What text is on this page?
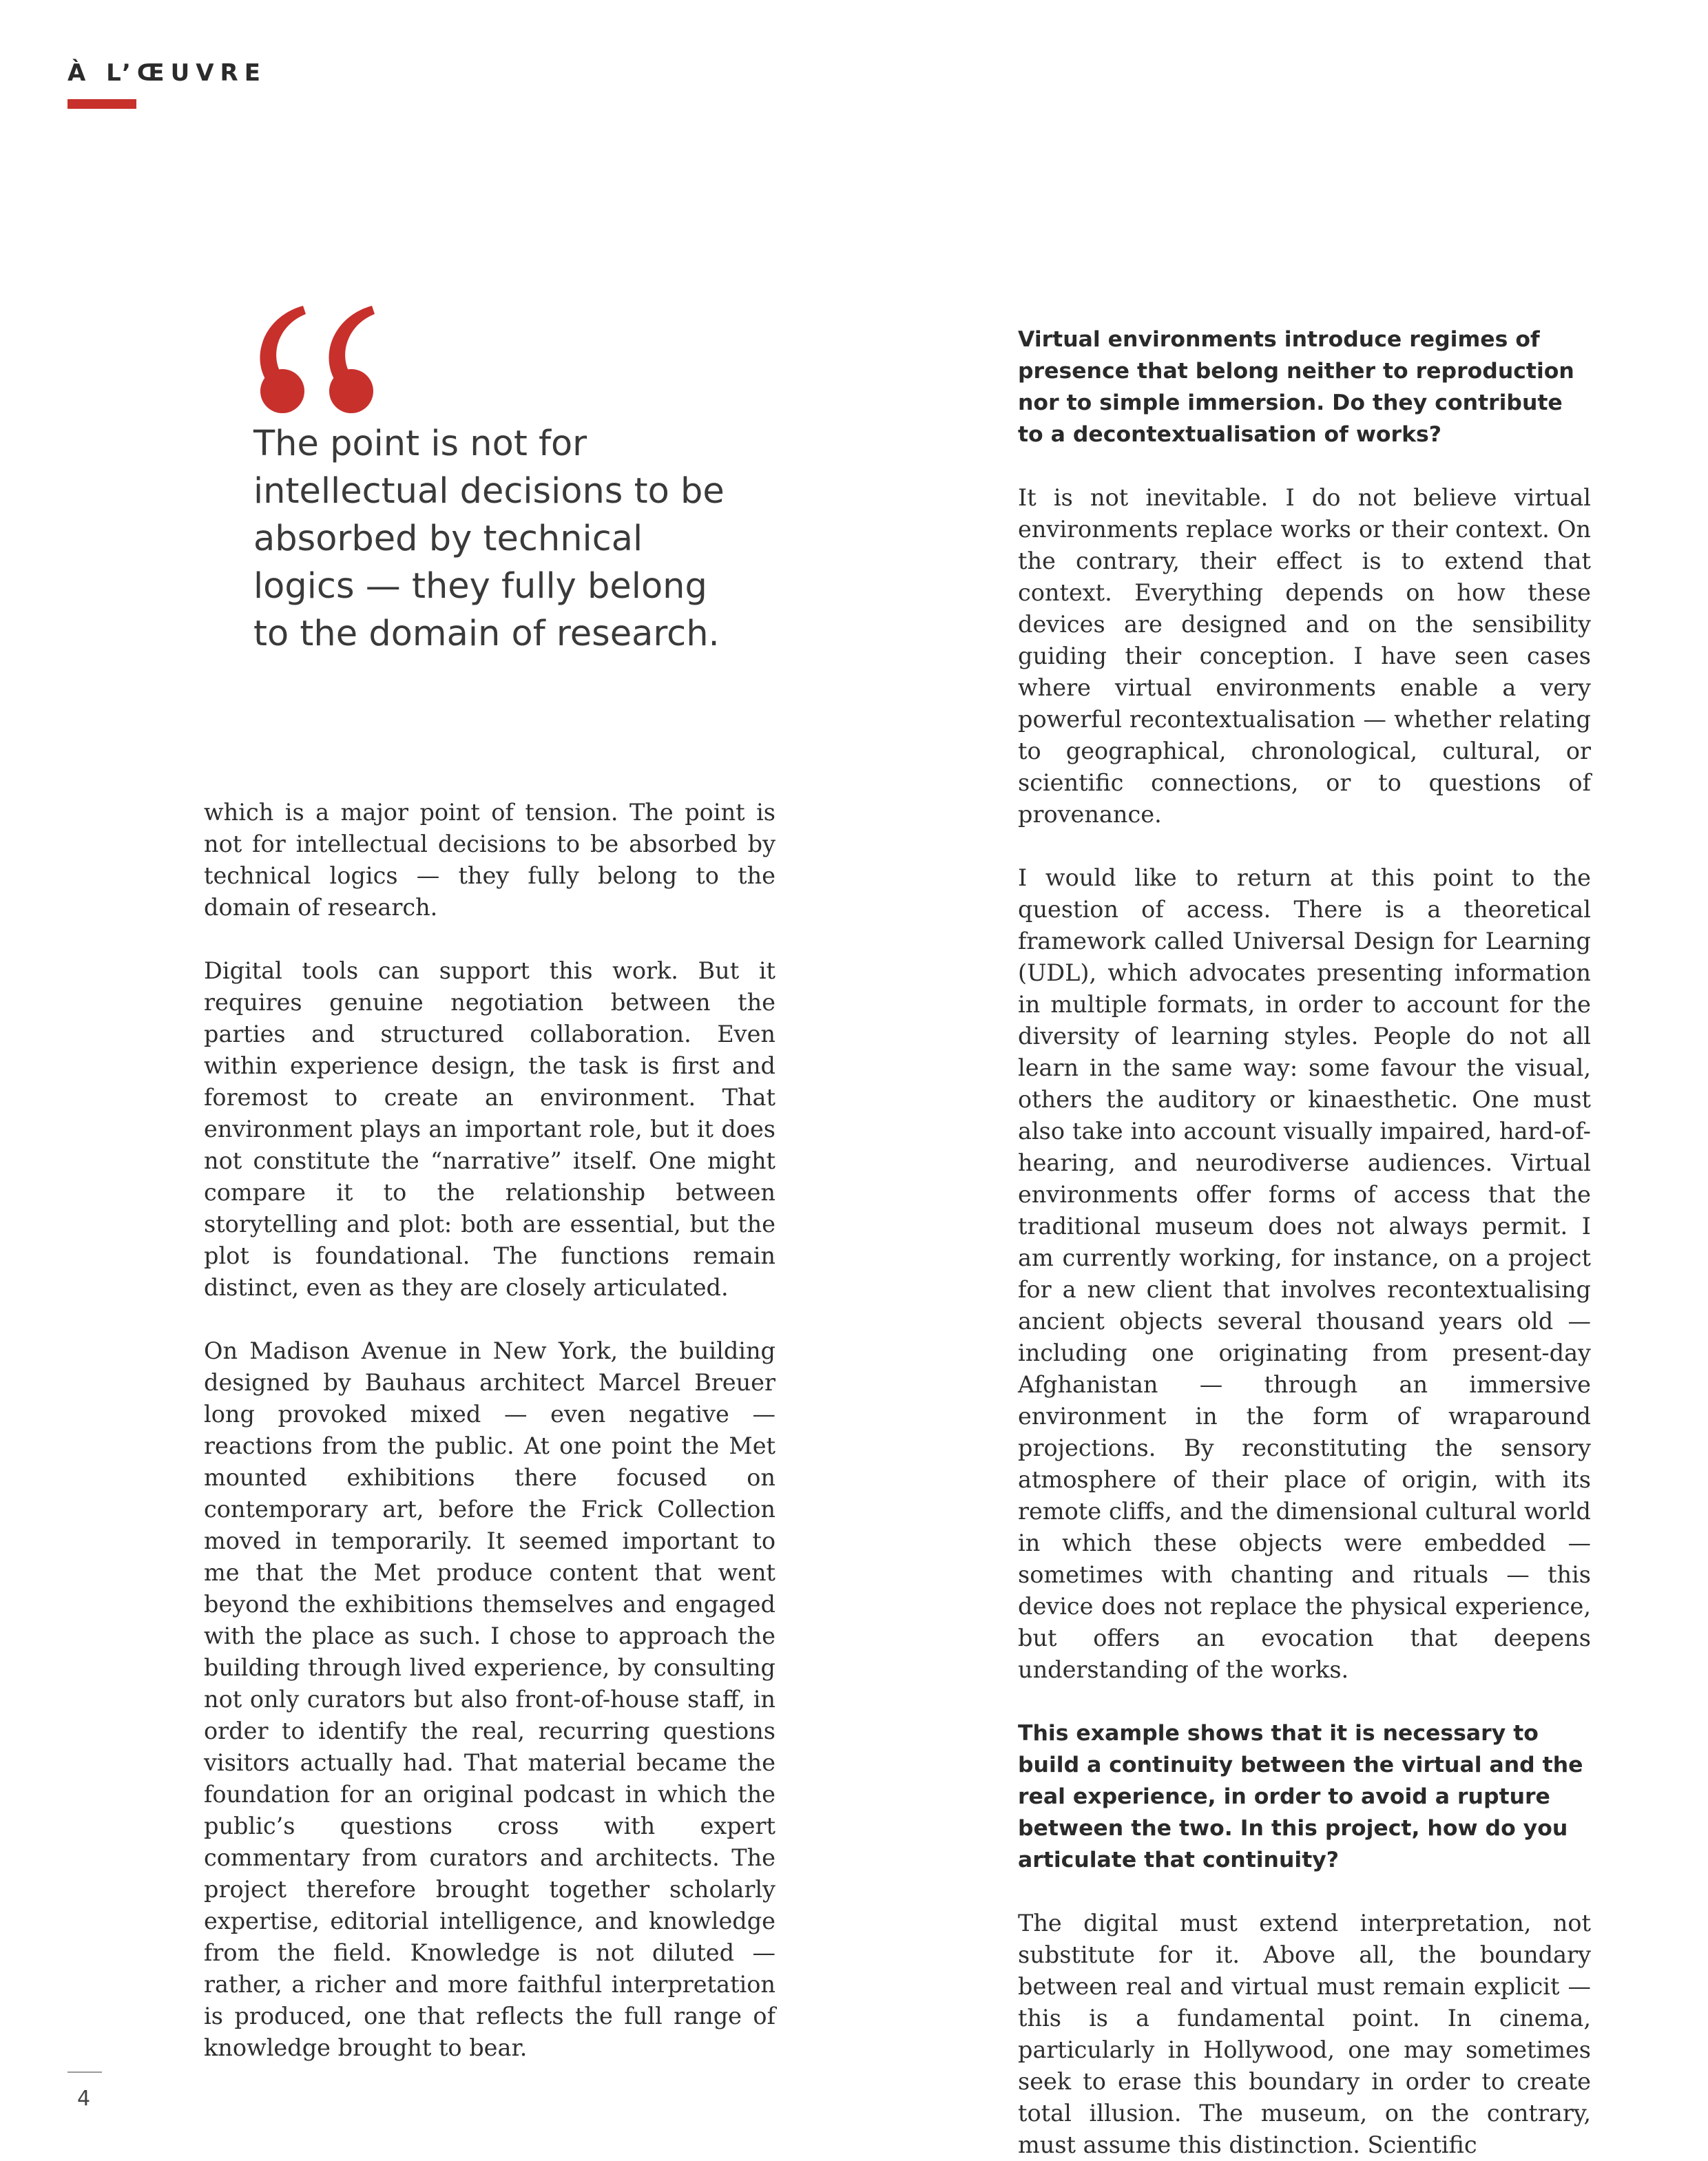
À L’ŒUVRE

The point is not for intellectual decisions to be absorbed by technical logics — they fully belong to the domain of research.

which is a major point of tension. The point is not for intellectual decisions to be absorbed by technical logics — they fully belong to the domain of research.

Digital tools can support this work. But it requires genuine negotiation between the parties and structured collaboration. Even within experience design, the task is first and foremost to create an environment. That environment plays an important role, but it does not constitute the “narrative” itself. One might compare it to the relationship between storytelling and plot: both are essential, but the plot is foundational. The functions remain distinct, even as they are closely articulated.

On Madison Avenue in New York, the building designed by Bauhaus architect Marcel Breuer long provoked mixed — even negative — reactions from the public. At one point the Met mounted exhibitions there focused on contemporary art, before the Frick Collection moved in temporarily. It seemed important to me that the Met produce content that went beyond the exhibitions themselves and engaged with the place as such. I chose to approach the building through lived experience, by consulting not only curators but also front-of-house staff, in order to identify the real, recurring questions visitors actually had. That material became the foundation for an original podcast in which the public’s questions cross with expert commentary from curators and architects. The project therefore brought together scholarly expertise, editorial intelligence, and knowledge from the field. Knowledge is not diluted — rather, a richer and more faithful interpretation is produced, one that reflects the full range of knowledge brought to bear.

Virtual environments introduce regimes of presence that belong neither to reproduction nor to simple immersion. Do they contribute to a decontextualisation of works?

It is not inevitable. I do not believe virtual environments replace works or their context. On the contrary, their effect is to extend that context. Everything depends on how these devices are designed and on the sensibility guiding their conception. I have seen cases where virtual environments enable a very powerful recontextualisation — whether relating to geographical, chronological, cultural, or scientific connections, or to questions of provenance.

I would like to return at this point to the question of access. There is a theoretical framework called Universal Design for Learning (UDL), which advocates presenting information in multiple formats, in order to account for the diversity of learning styles. People do not all learn in the same way: some favour the visual, others the auditory or kinaesthetic. One must also take into account visually impaired, hard-of-hearing, and neurodiverse audiences. Virtual environments offer forms of access that the traditional museum does not always permit. I am currently working, for instance, on a project for a new client that involves recontextualising ancient objects several thousand years old — including one originating from present-day Afghanistan — through an immersive environment in the form of wraparound projections. By reconstituting the sensory atmosphere of their place of origin, with its remote cliffs, and the dimensional cultural world in which these objects were embedded — sometimes with chanting and rituals — this device does not replace the physical experience, but offers an evocation that deepens understanding of the works.

This example shows that it is necessary to build a continuity between the virtual and the real experience, in order to avoid a rupture between the two. In this project, how do you articulate that continuity?

The digital must extend interpretation, not substitute for it. Above all, the boundary between real and virtual must remain explicit — this is a fundamental point. In cinema, particularly in Hollywood, one may sometimes seek to erase this boundary in order to create total illusion. The museum, on the contrary, must assume this distinction. Scientific

4
